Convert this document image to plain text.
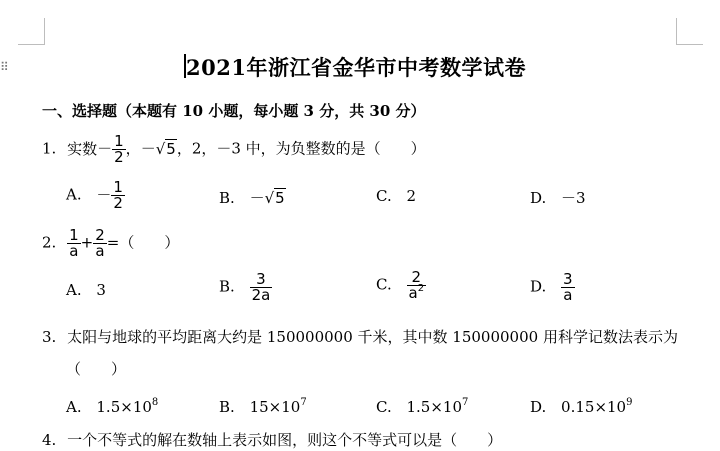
⠿	2021年浙江省金华市中考数学试卷
一、选择题（本题有 10 小题，每小题 3 分，共 30 分）
1. 实数－ $\frac{1}{2}$ ，－√5，2，－3 中，为负整数的是（　　）
A. － $\frac{1}{2}$	B. －√5	C. 2	D. －3
2. $\frac{1}{a} + \frac{2}{a}$ =（　　）
A. 3	B. $\frac{3}{2a}$	C. $\frac{2}{a^2}$	D. $\frac{3}{a}$
3. 太阳与地球的平均距离大约是 150000000 千米，其中数 150000000 用科学记数法表示为
（　　）
A. $1.5\times 10^8$	B. $15\times 10^7$	C. $1.5\times 10^7$	D. $0.15\times 10^9$
4. 一个不等式的解在数轴上表示如图，则这个不等式可以是（　　）
